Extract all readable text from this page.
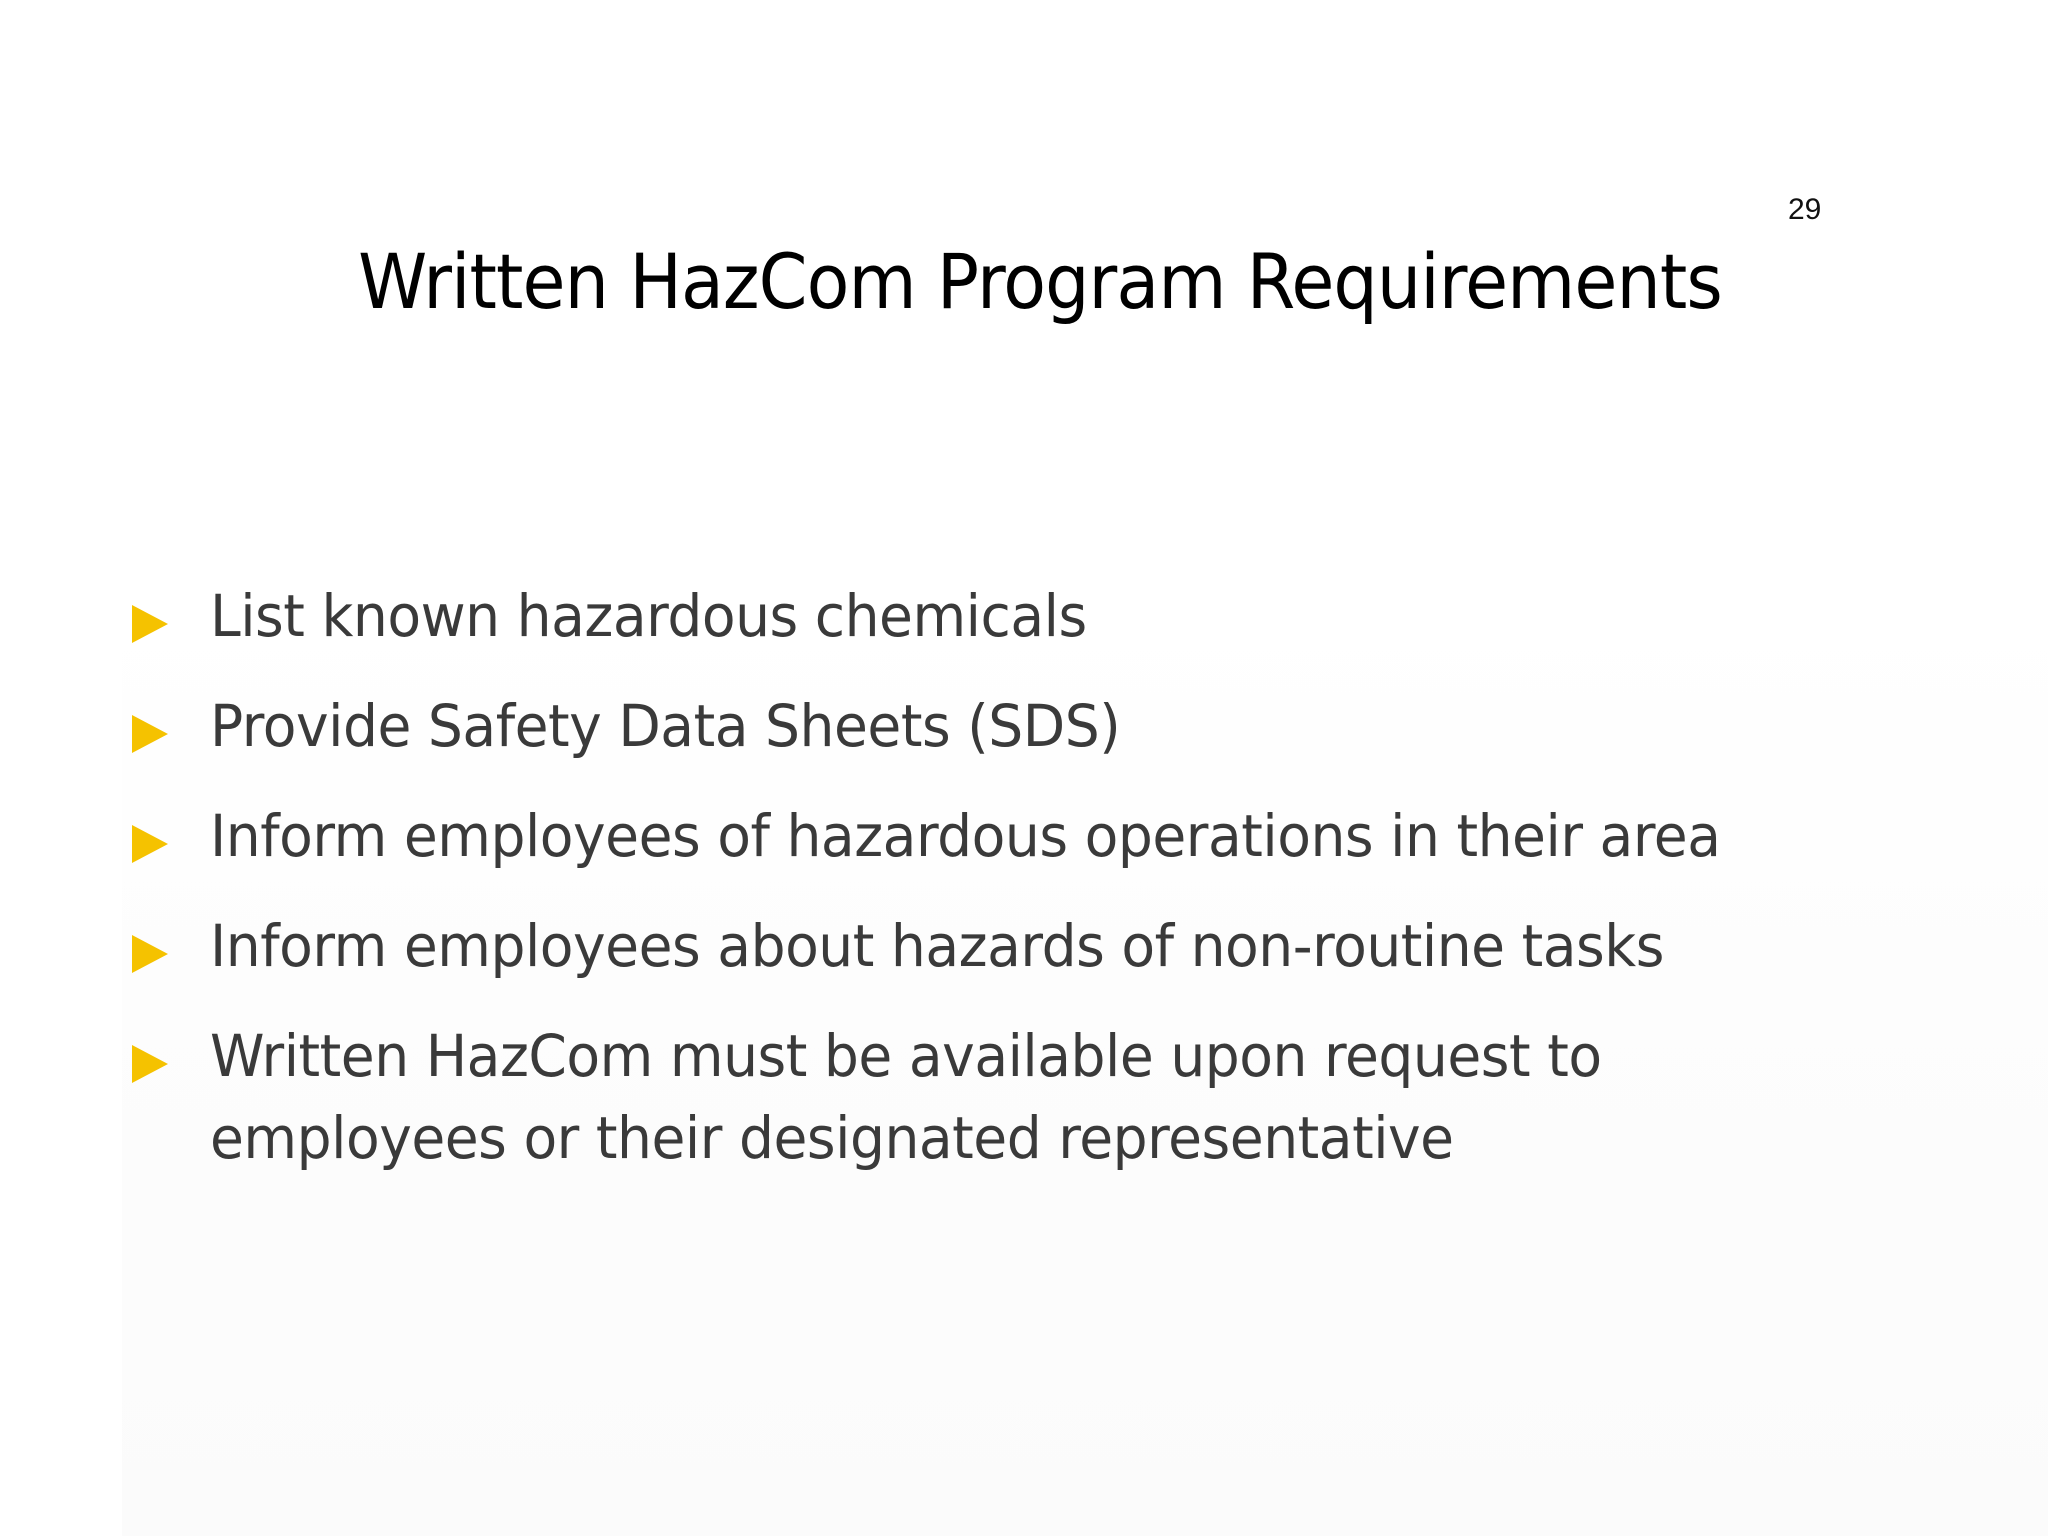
29
Written HazCom Program Requirements
List known hazardous chemicals
Provide Safety Data Sheets (SDS)
Inform employees of hazardous operations in their area
Inform employees about hazards of non-routine tasks
Written HazCom must be available upon request to employees or their designated representative
